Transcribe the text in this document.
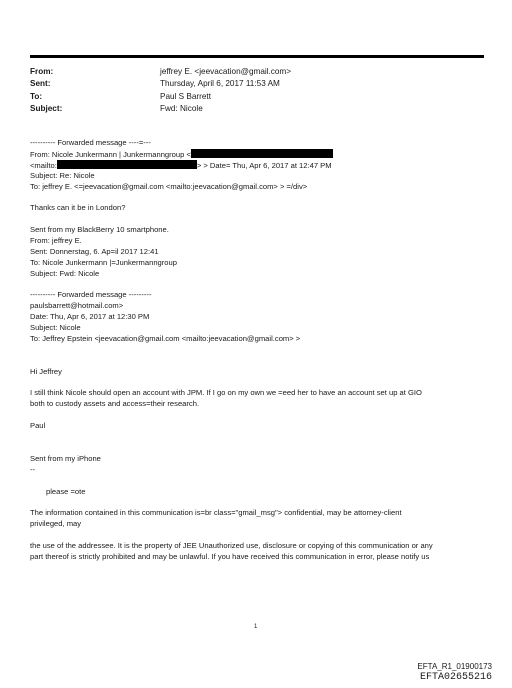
From:	jeffrey E. <jeevacation@gmail.com>
Sent:	Thursday, April 6, 2017 11:53 AM
To:	Paul S Barrett
Subject:	Fwd: Nicole
---------- Forwarded message ----=---
From: Nicole Junkermann | Junkermanngroup <
<mailto:	> > Date= Thu, Apr 6, 2017 at 12:47 PM
Subject: Re: Nicole
To: jeffrey E. <=jeevacation@gmail.com <mailto:jeevacation@gmail.com> > =/div>
Thanks can it be in London?
Sent from my BlackBerry 10 smartphone.
From: jeffrey E.
Sent: Donnerstag, 6. Ap=il 2017 12:41
To: Nicole Junkermann |=Junkermanngroup
Subject: Fwd: Nicole
---------- Forwarded message ---------
paulsbarrett@hotmail.com>
Date: Thu, Apr 6, 2017 at 12:30 PM
Subject: Nicole
To: Jeffrey Epstein <jeevacation@gmail.com <mailto:jeevacation@gmail.com> >
Hi Jeffrey
I still think Nicole should open an account with JPM. If I go on my own we =eed her to have an account set up at GIO
both to custody assets and access=their research.
Paul
Sent from my iPhone
--
please =ote
The information contained in this communication is=br class="gmail_msg"> confidential, may be attorney-client
privileged, may
the use of the addressee. It is the property of JEE Unauthorized use, disclosure or copying of this communication or any
part thereof is strictly prohibited and may be unlawful. If you have received this communication in error, please notify us
1
EFTA_R1_01900173
EFTA02655216
